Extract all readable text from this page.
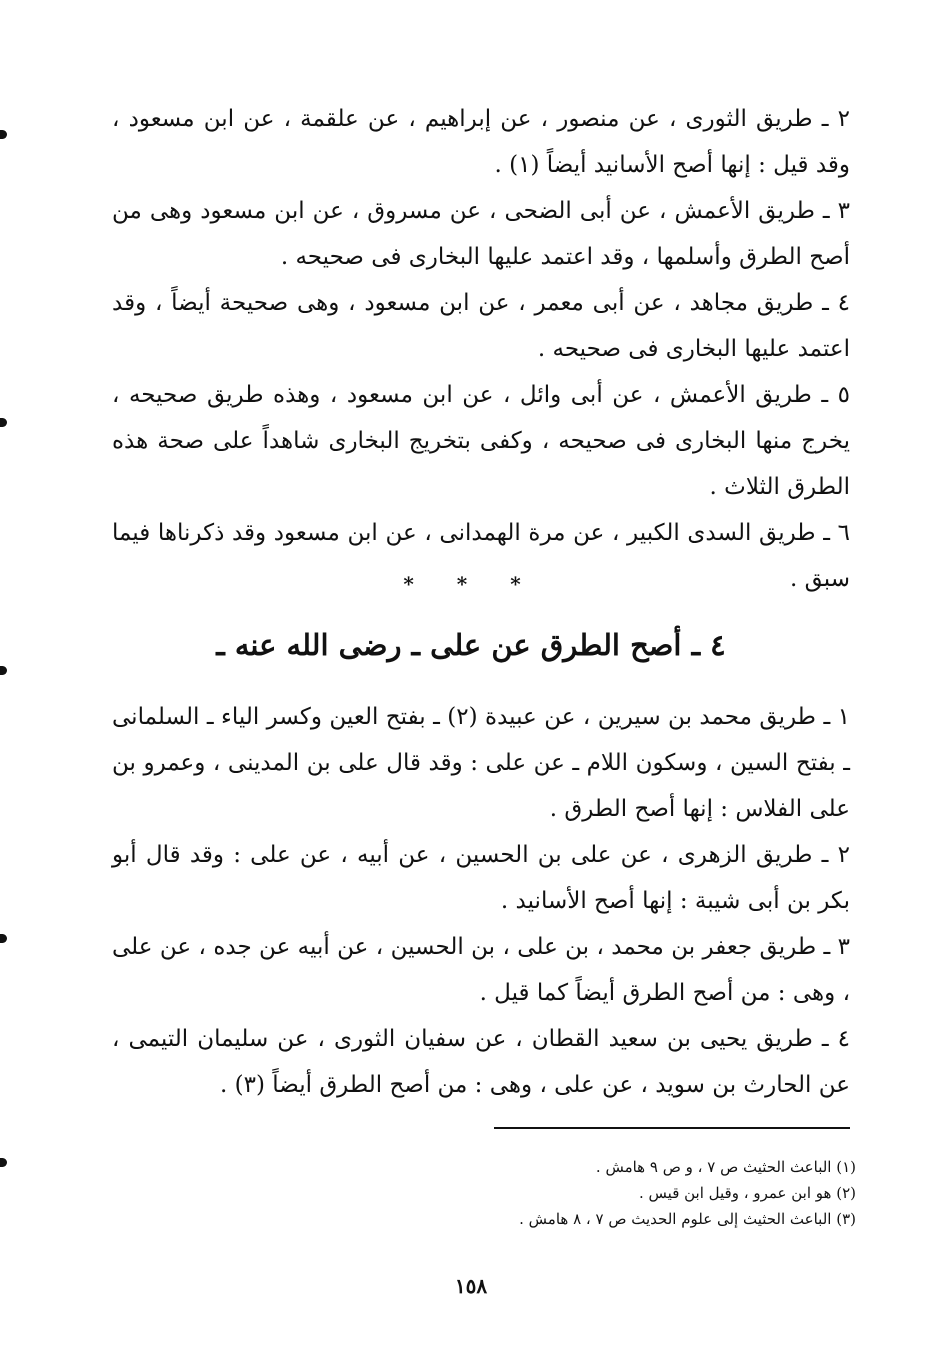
٢ ـ طريق الثورى ، عن منصور ، عن إبراهيم ، عن علقمة ، عن ابن مسعود ، وقد قيل : إنها أصح الأسانيد أيضاً (١) .

٣ ـ طريق الأعمش ، عن أبى الضحى ، عن مسروق ، عن ابن مسعود وهى من أصح الطرق وأسلمها ، وقد اعتمد عليها البخارى فى صحيحه .

٤ ـ طريق مجاهد ، عن أبى معمر ، عن ابن مسعود ، وهى صحيحة أيضاً ، وقد اعتمد عليها البخارى فى صحيحه .

٥ ـ طريق الأعمش ، عن أبى وائل ، عن ابن مسعود ، وهذه طريق صحيحه ، يخرج منها البخارى فى صحيحه ، وكفى بتخريج البخارى شاهداً على صحة هذه الطرق الثلاث .

٦ ـ طريق السدى الكبير ، عن مرة الهمدانى ، عن ابن مسعود وقد ذكرناها فيما سبق .

* * *
٤ ـ أصح الطرق عن على ـ رضى الله عنه ـ

١ ـ طريق محمد بن سيرين ، عن عبيدة (٢) ـ بفتح العين وكسر الياء ـ السلمانى ـ بفتح السين ، وسكون اللام ـ عن على : وقد قال على بن المدينى ، وعمرو بن على الفلاس : إنها أصح الطرق .

٢ ـ طريق الزهرى ، عن على بن الحسين ، عن أبيه ، عن على : وقد قال أبو بكر بن أبى شيبة : إنها أصح الأسانيد .

٣ ـ طريق جعفر بن محمد ، بن على ، بن الحسين ، عن أبيه عن جده ، عن على ، وهى : من أصح الطرق أيضاً كما قيل .

٤ ـ طريق يحيى بن سعيد القطان ، عن سفيان الثورى ، عن سليمان التيمى ، عن الحارث بن سويد ، عن على ، وهى : من أصح الطرق أيضاً (٣) .

(١) الباعث الحثيث ص ٧ ، و ص ٩ هامش .

(٢) هو ابن عمرو ، وقيل ابن قيس .

(٣) الباعث الحثيث إلى علوم الحديث ص ٧ ، ٨ هامش .

١٥٨
